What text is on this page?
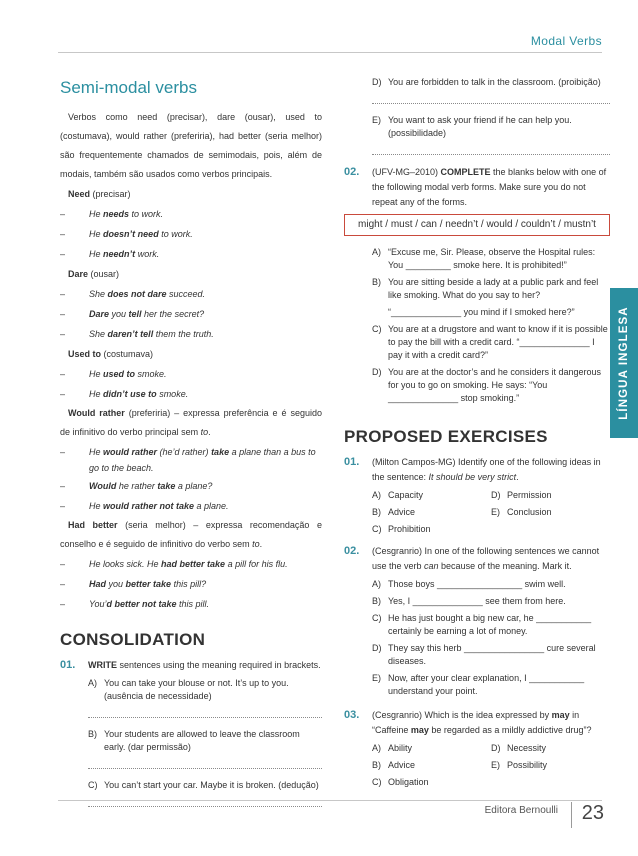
Modal Verbs
LÍNGUA INGLESA
Semi-modal verbs

Verbos como need (precisar), dare (ousar), used to (costumava), would rather (preferiria), had better (seria melhor) são frequentemente chamados de semimodais, pois, além de modais, também são usados como verbos principais.

Need (precisar)

–	He needs to work.
–	He doesn’t need to work.
–	He needn’t work.

Dare (ousar)

–	She does not dare succeed.
–	Dare you tell her the secret?
–	She daren’t tell them the truth.

Used to (costumava)

–	He used to smoke.
–	He didn’t use to smoke.

Would rather (preferiria) – expressa preferência e é seguido de infinitivo do verbo principal sem to.

–	He would rather (he’d rather) take a plane than a bus to go to the beach.
–	Would he rather take a plane?
–	He would rather not take a plane.

Had better (seria melhor) – expressa recomendação e conselho e é seguido de infinitivo do verbo sem to.

–	He looks sick. He had better take a pill for his flu.
–	Had you better take this pill?
–	You’d better not take this pill.
CONSOLIDATION
01.	WRITE sentences using the meaning required in brackets.
A) You can take your blouse or not. It’s up to you. (ausência de necessidade)
B) Your students are allowed to leave the classroom early. (dar permissão)
C) You can’t start your car. Maybe it is broken. (dedução)
D) You are forbidden to talk in the classroom. (proibição)
E) You want to ask your friend if he can help you. (possibilidade)
02.	(UFV-MG–2010) COMPLETE the blanks below with one of the following modal verb forms. Make sure you do not repeat any of the forms.
might / must / can / needn’t / would / couldn’t / mustn’t
A) “Excuse me, Sir. Please, observe the Hospital rules: You _________ smoke here. It is prohibited!”
B) You are sitting beside a lady at a public park and feel like smoking. What do you say to her?
“______________ you mind if I smoked here?”
C) You are at a drugstore and want to know if it is possible to pay the bill with a credit card. “______________ I pay it with a credit card?”
D) You are at the doctor’s and he considers it dangerous for you to go on smoking. He says: “You ______________ stop smoking.”
PROPOSED EXERCISES
01.	(Milton Campos-MG) Identify one of the following ideas in the sentence: It should be very strict.
A) Capacity	D) Permission
B) Advice	E) Conclusion
C) Prohibition
02.	(Cesgranrio) In one of the following sentences we cannot use the verb can because of the meaning. Mark it.
A) Those boys _________________ swim well.
B) Yes, I ______________ see them from here.
C) He has just bought a big new car, he ___________ certainly be earning a lot of money.
D) They say this herb ________________ cure several diseases.
E) Now, after your clear explanation, I ___________ understand your point.
03.	(Cesgranrio) Which is the idea expressed by may in “Caffeine may be regarded as a mildly addictive drug”?
A) Ability	D) Necessity
B) Advice	E) Possibility
C) Obligation
Editora Bernoulli 23
